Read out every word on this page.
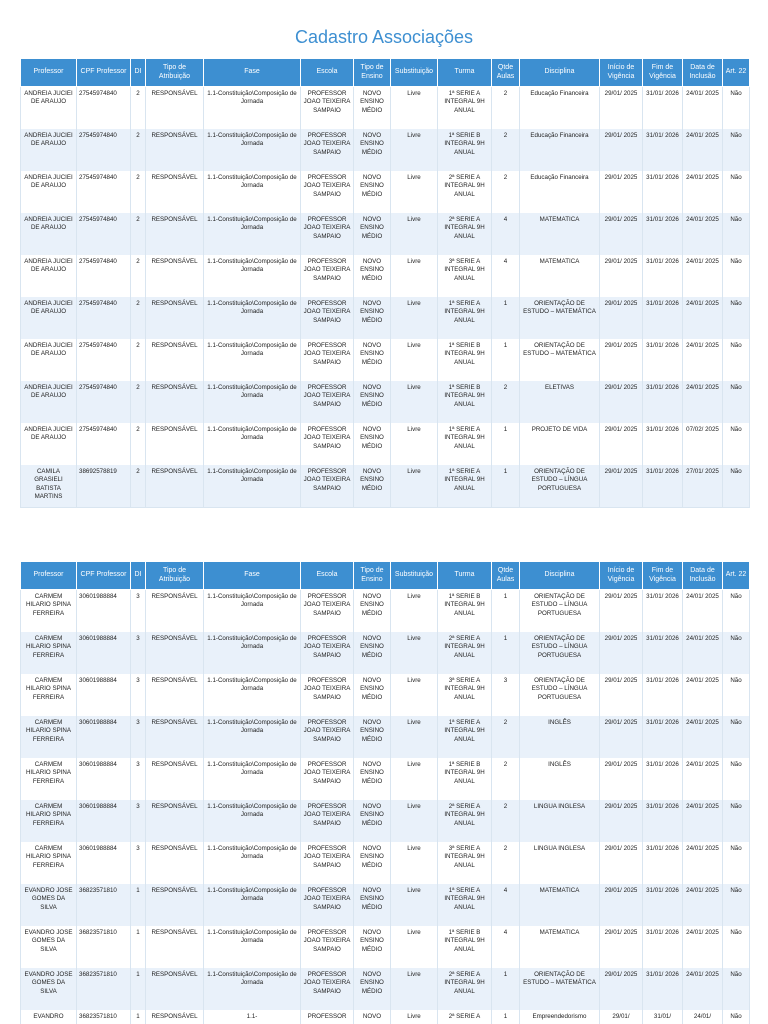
Cadastro Associações
Professor	CPF Professor	DI	Tipo de Atribuição	Fase	Escola	Tipo de Ensino	Substituição	Turma	Qtde Aulas	Disciplina	Início de Vigência	Fim de Vigência	Data de Inclusão	Art. 22
ANDREIA JUCIEI DE ARAUJO	27545974840	2	RESPONSÁVEL	1.1-Constituição\Composição de Jornada	PROFESSOR JOAO TEIXEIRA SAMPAIO	NOVO ENSINO MÉDIO	Livre	1ª SERIE A INTEGRAL 9H ANUAL	2	Educação Financeira	29/01/ 2025	31/01/ 2026	24/01/ 2025	Não
ANDREIA JUCIEI DE ARAUJO	27545974840	2	RESPONSÁVEL	1.1-Constituição\Composição de Jornada	PROFESSOR JOAO TEIXEIRA SAMPAIO	NOVO ENSINO MÉDIO	Livre	1ª SERIE B INTEGRAL 9H ANUAL	2	Educação Financeira	29/01/ 2025	31/01/ 2026	24/01/ 2025	Não
ANDREIA JUCIEI DE ARAUJO	27545974840	2	RESPONSÁVEL	1.1-Constituição\Composição de Jornada	PROFESSOR JOAO TEIXEIRA SAMPAIO	NOVO ENSINO MÉDIO	Livre	2ª SERIE A INTEGRAL 9H ANUAL	2	Educação Financeira	29/01/ 2025	31/01/ 2026	24/01/ 2025	Não
ANDREIA JUCIEI DE ARAUJO	27545974840	2	RESPONSÁVEL	1.1-Constituição\Composição de Jornada	PROFESSOR JOAO TEIXEIRA SAMPAIO	NOVO ENSINO MÉDIO	Livre	2ª SERIE A INTEGRAL 9H ANUAL	4	MATEMATICA	29/01/ 2025	31/01/ 2026	24/01/ 2025	Não
ANDREIA JUCIEI DE ARAUJO	27545974840	2	RESPONSÁVEL	1.1-Constituição\Composição de Jornada	PROFESSOR JOAO TEIXEIRA SAMPAIO	NOVO ENSINO MÉDIO	Livre	3ª SERIE A INTEGRAL 9H ANUAL	4	MATEMATICA	29/01/ 2025	31/01/ 2026	24/01/ 2025	Não
ANDREIA JUCIEI DE ARAUJO	27545974840	2	RESPONSÁVEL	1.1-Constituição\Composição de Jornada	PROFESSOR JOAO TEIXEIRA SAMPAIO	NOVO ENSINO MÉDIO	Livre	1ª SERIE A INTEGRAL 9H ANUAL	1	ORIENTAÇÃO DE ESTUDO – MATEMÁTICA	29/01/ 2025	31/01/ 2026	24/01/ 2025	Não
ANDREIA JUCIEI DE ARAUJO	27545974840	2	RESPONSÁVEL	1.1-Constituição\Composição de Jornada	PROFESSOR JOAO TEIXEIRA SAMPAIO	NOVO ENSINO MÉDIO	Livre	1ª SERIE B INTEGRAL 9H ANUAL	1	ORIENTAÇÃO DE ESTUDO – MATEMÁTICA	29/01/ 2025	31/01/ 2026	24/01/ 2025	Não
ANDREIA JUCIEI DE ARAUJO	27545974840	2	RESPONSÁVEL	1.1-Constituição\Composição de Jornada	PROFESSOR JOAO TEIXEIRA SAMPAIO	NOVO ENSINO MÉDIO	Livre	1ª SERIE B INTEGRAL 9H ANUAL	2	ELETIVAS	29/01/ 2025	31/01/ 2026	24/01/ 2025	Não
ANDREIA JUCIEI DE ARAUJO	27545974840	2	RESPONSÁVEL	1.1-Constituição\Composição de Jornada	PROFESSOR JOAO TEIXEIRA SAMPAIO	NOVO ENSINO MÉDIO	Livre	1ª SERIE A INTEGRAL 9H ANUAL	1	PROJETO DE VIDA	29/01/ 2025	31/01/ 2026	07/02/ 2025	Não
CAMILA GRASIELI BATISTA MARTINS	38692578819	2	RESPONSÁVEL	1.1-Constituição\Composição de Jornada	PROFESSOR JOAO TEIXEIRA SAMPAIO	NOVO ENSINO MÉDIO	Livre	1ª SERIE A INTEGRAL 9H ANUAL	1	ORIENTAÇÃO DE ESTUDO – LÍNGUA PORTUGUESA	29/01/ 2025	31/01/ 2026	27/01/ 2025	Não
Professor	CPF Professor	DI	Tipo de Atribuição	Fase	Escola	Tipo de Ensino	Substituição	Turma	Qtde Aulas	Disciplina	Início de Vigência	Fim de Vigência	Data de Inclusão	Art. 22
CARMEM HILARIO SPINA FERREIRA	30601988884	3	RESPONSÁVEL	1.1-Constituição\Composição de Jornada	PROFESSOR JOAO TEIXEIRA SAMPAIO	NOVO ENSINO MÉDIO	Livre	1ª SERIE B INTEGRAL 9H ANUAL	1	ORIENTAÇÃO DE ESTUDO – LÍNGUA PORTUGUESA	29/01/ 2025	31/01/ 2026	24/01/ 2025	Não
CARMEM HILARIO SPINA FERREIRA	30601988884	3	RESPONSÁVEL	1.1-Constituição\Composição de Jornada	PROFESSOR JOAO TEIXEIRA SAMPAIO	NOVO ENSINO MÉDIO	Livre	2ª SERIE A INTEGRAL 9H ANUAL	1	ORIENTAÇÃO DE ESTUDO – LÍNGUA PORTUGUESA	29/01/ 2025	31/01/ 2026	24/01/ 2025	Não
CARMEM HILARIO SPINA FERREIRA	30601988884	3	RESPONSÁVEL	1.1-Constituição\Composição de Jornada	PROFESSOR JOAO TEIXEIRA SAMPAIO	NOVO ENSINO MÉDIO	Livre	3ª SERIE A INTEGRAL 9H ANUAL	3	ORIENTAÇÃO DE ESTUDO – LÍNGUA PORTUGUESA	29/01/ 2025	31/01/ 2026	24/01/ 2025	Não
CARMEM HILARIO SPINA FERREIRA	30601988884	3	RESPONSÁVEL	1.1-Constituição\Composição de Jornada	PROFESSOR JOAO TEIXEIRA SAMPAIO	NOVO ENSINO MÉDIO	Livre	1ª SERIE A INTEGRAL 9H ANUAL	2	INGLÊS	29/01/ 2025	31/01/ 2026	24/01/ 2025	Não
CARMEM HILARIO SPINA FERREIRA	30601988884	3	RESPONSÁVEL	1.1-Constituição\Composição de Jornada	PROFESSOR JOAO TEIXEIRA SAMPAIO	NOVO ENSINO MÉDIO	Livre	1ª SERIE B INTEGRAL 9H ANUAL	2	INGLÊS	29/01/ 2025	31/01/ 2026	24/01/ 2025	Não
CARMEM HILARIO SPINA FERREIRA	30601988884	3	RESPONSÁVEL	1.1-Constituição\Composição de Jornada	PROFESSOR JOAO TEIXEIRA SAMPAIO	NOVO ENSINO MÉDIO	Livre	2ª SERIE A INTEGRAL 9H ANUAL	2	LINGUA INGLESA	29/01/ 2025	31/01/ 2026	24/01/ 2025	Não
CARMEM HILARIO SPINA FERREIRA	30601988884	3	RESPONSÁVEL	1.1-Constituição\Composição de Jornada	PROFESSOR JOAO TEIXEIRA SAMPAIO	NOVO ENSINO MÉDIO	Livre	3ª SERIE A INTEGRAL 9H ANUAL	2	LINGUA INGLESA	29/01/ 2025	31/01/ 2026	24/01/ 2025	Não
EVANDRO JOSE GOMES DA SILVA	36823571810	1	RESPONSÁVEL	1.1-Constituição\Composição de Jornada	PROFESSOR JOAO TEIXEIRA SAMPAIO	NOVO ENSINO MÉDIO	Livre	1ª SERIE A INTEGRAL 9H ANUAL	4	MATEMATICA	29/01/ 2025	31/01/ 2026	24/01/ 2025	Não
EVANDRO JOSE GOMES DA SILVA	36823571810	1	RESPONSÁVEL	1.1-Constituição\Composição de Jornada	PROFESSOR JOAO TEIXEIRA SAMPAIO	NOVO ENSINO MÉDIO	Livre	1ª SERIE B INTEGRAL 9H ANUAL	4	MATEMATICA	29/01/ 2025	31/01/ 2026	24/01/ 2025	Não
EVANDRO JOSE GOMES DA SILVA	36823571810	1	RESPONSÁVEL	1.1-Constituição\Composição de Jornada	PROFESSOR JOAO TEIXEIRA SAMPAIO	NOVO ENSINO MÉDIO	Livre	2ª SERIE A INTEGRAL 9H ANUAL	1	ORIENTAÇÃO DE ESTUDO – MATEMÁTICA	29/01/ 2025	31/01/ 2026	24/01/ 2025	Não
EVANDRO	36823571810	1	RESPONSÁVEL	1.1-	PROFESSOR	NOVO	Livre	2ª SERIE A	1	Empreendedorismo	29/01/	31/01/	24/01/	Não
